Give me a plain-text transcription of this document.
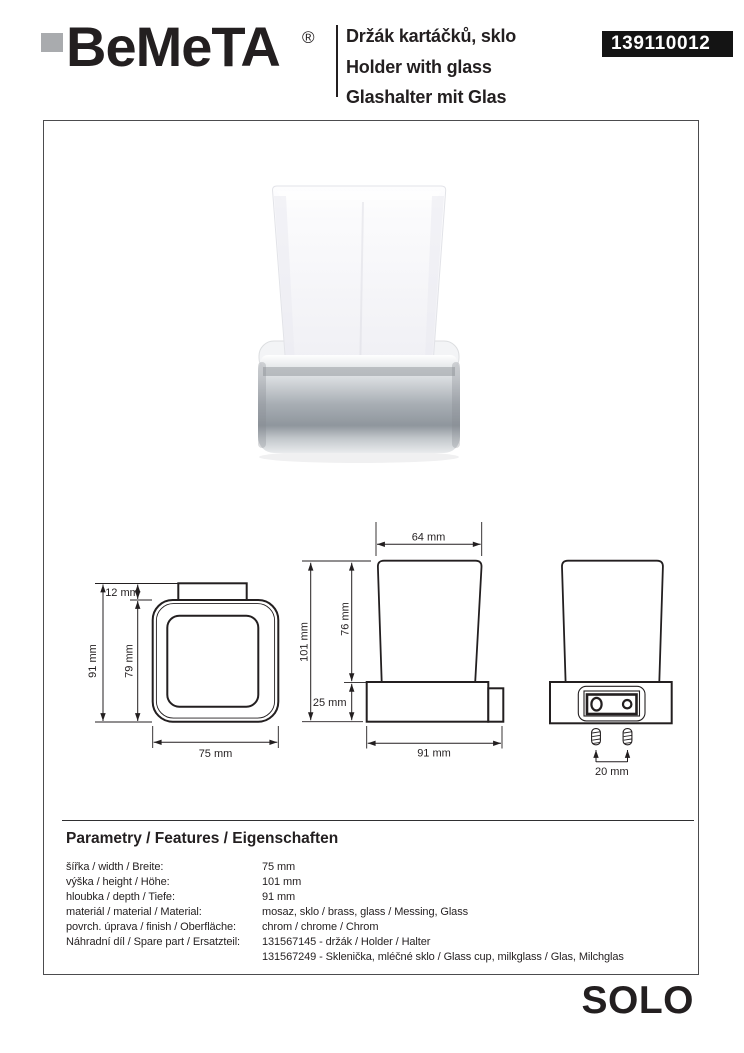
BeMeTA ® Držák kartáčků, sklo
Holder with glass
Glashalter mit Glas
139110012
12 mm
91 mm 79 mm
75 mm
64 mm
101 mm
76 mm
25 mm
91 mm
20 mm
Parametry / Features / Eigenschaften
šířka / width / Breite:	75 mm
výška / height / Höhe:	101 mm
hloubka / depth / Tiefe:	91 mm
materiál / material / Material:	mosaz, sklo / brass, glass / Messing, Glass
povrch. úprava / finish / Oberfläche:	chrom / chrome / Chrom
Náhradní díl / Spare part / Ersatzteil:	131567145 - držák / Holder / Halter
131567249 - Sklenička, mléčné sklo / Glass cup, milkglass / Glas, Milchglas
SOLO
